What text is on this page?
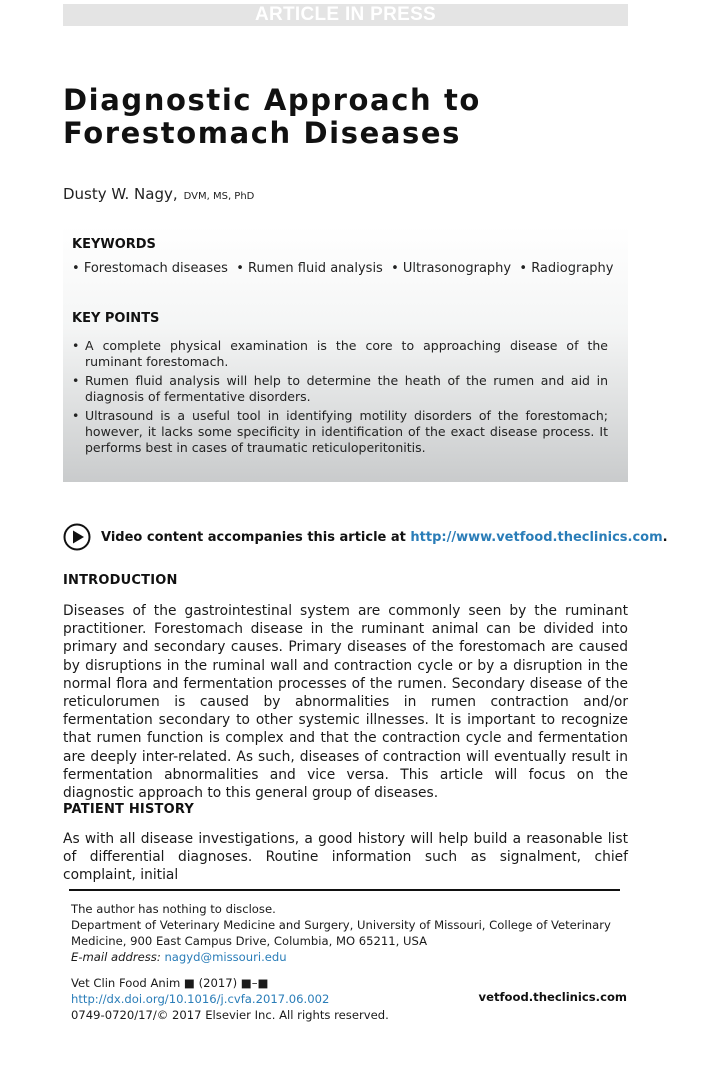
ARTICLE IN PRESS
Diagnostic Approach to
Forestomach Diseases
Dusty W. Nagy, DVM, MS, PhD
KEYWORDS
• Forestomach diseases  • Rumen fluid analysis  • Ultrasonography  • Radiography
KEY POINTS
• A complete physical examination is the core to approaching disease of the ruminant forestomach.
• Rumen fluid analysis will help to determine the heath of the rumen and aid in diagnosis of fermentative disorders.
• Ultrasound is a useful tool in identifying motility disorders of the forestomach; however, it lacks some specificity in identification of the exact disease process. It performs best in cases of traumatic reticuloperitonitis.
Video content accompanies this article at http://www.vetfood.theclinics.com.
INTRODUCTION

Diseases of the gastrointestinal system are commonly seen by the ruminant practitioner. Forestomach disease in the ruminant animal can be divided into primary and secondary causes. Primary diseases of the forestomach are caused by disruptions in the ruminal wall and contraction cycle or by a disruption in the normal flora and fermentation processes of the rumen. Secondary disease of the reticulorumen is caused by abnormalities in rumen contraction and/or fermentation secondary to other systemic illnesses. It is important to recognize that rumen function is complex and that the contraction cycle and fermentation are deeply inter-related. As such, diseases of contraction will eventually result in fermentation abnormalities and vice versa. This article will focus on the diagnostic approach to this general group of diseases.

PATIENT HISTORY

As with all disease investigations, a good history will help build a reasonable list of differential diagnoses. Routine information such as signalment, chief complaint, initial

The author has nothing to disclose.
Department of Veterinary Medicine and Surgery, University of Missouri, College of Veterinary Medicine, 900 East Campus Drive, Columbia, MO 65211, USA
E-mail address: nagyd@missouri.edu
Vet Clin Food Anim ■ (2017) ■–■
http://dx.doi.org/10.1016/j.cvfa.2017.06.002
0749-0720/17/© 2017 Elsevier Inc. All rights reserved.
vetfood.theclinics.com
